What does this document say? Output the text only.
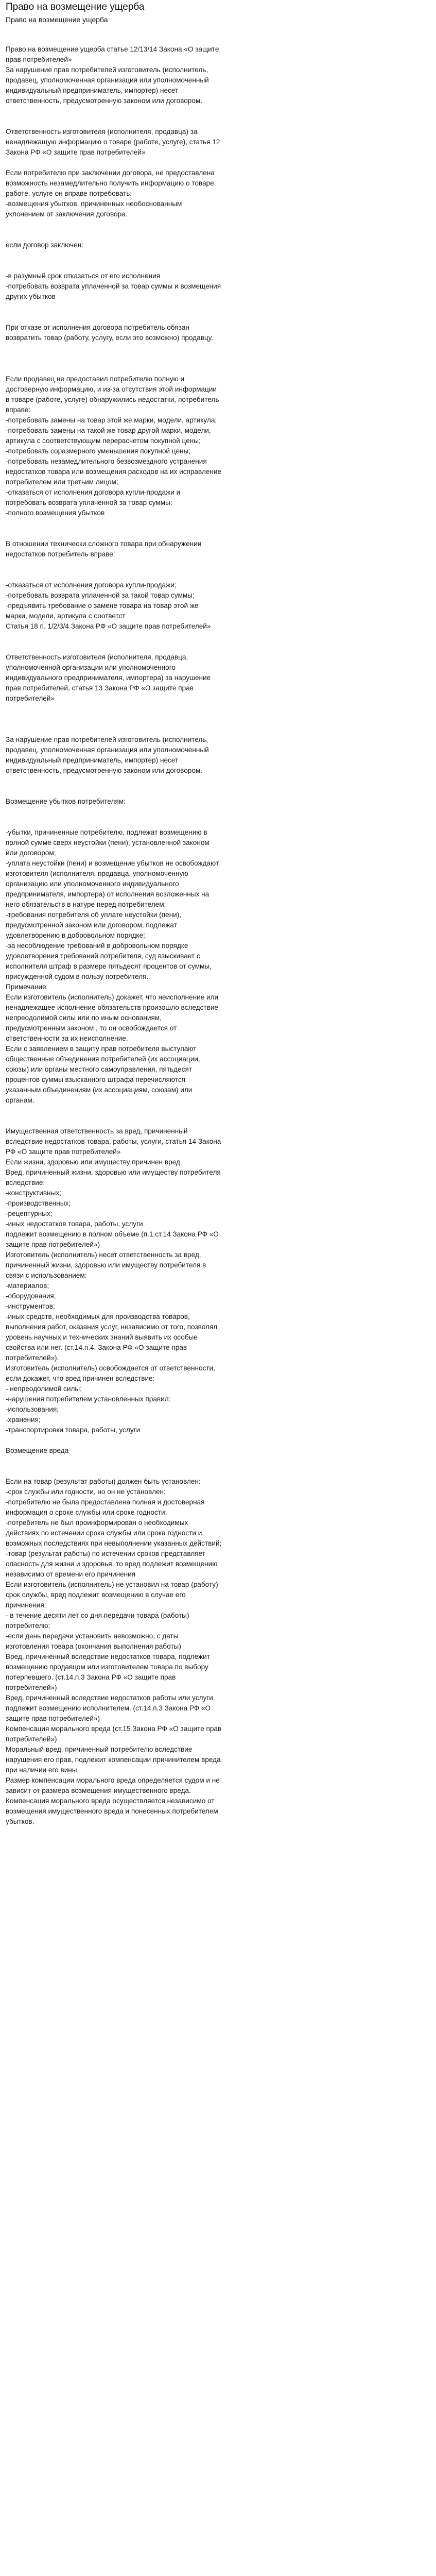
Право на возмещение ущерба
Право на возмещение ущерба
Право на возмещение ущерба статье 12/13/14 Закона «О защите прав потребителей»
За нарушение прав потребителей изготовитель (исполнитель, продавец, уполномоченная организация или уполномоченный индивидуальный предприниматель, импортер) несет ответственность, предусмотренную законом или договором.
Ответственность изготовителя (исполнителя, продавца) за ненадлежащую информацию о товаре (работе, услуге), статья 12 Закона РФ «О защите прав потребителей»
Если потребителю при заключении договора, не предоставлена возможность незамедлительно получить информацию о товаре, работе, услуге он вправе потребовать:
-возмещения убытков, причиненных необоснованным уклонением от заключения договора.
если договор заключен:
-в разумный срок отказаться от его исполнения
-потребовать возврата уплаченной за товар суммы и возмещения других убытков
При отказе от исполнения договора потребитель обязан возвратить товар (работу, услугу, если это возможно) продавцу.
Если продавец не предоставил потребителю полную и достоверную информацию, и из-за отсутствия этой информации в товаре (работе, услуге) обнаружились недостатки, потребитель вправе:
-потребовать замены на товар этой же марки, модели, артикула;
-потребовать замены на такой же товар другой марки, модели, артикула с соответствующим перерасчетом покупной цены;
-потребовать соразмерного уменьшения покупной цены;
-потребовать незамедлительного безвозмездного устранения недостатков товара или возмещения расходов на их исправление потребителем или третьим лицом;
-отказаться от исполнения договора купли-продажи и потребовать возврата уплаченной за товар суммы;
-полного возмещения убытков
В отношении технически сложного товара при обнаружении недостатков потребитель вправе:
-отказаться от исполнения договора купли-продажи;
-потребовать возврата уплаченной за такой товар суммы;
-предъявить требование о замене товара на товар этой же марки, модели, артикула с соответст
Статья 18 п. 1/2/3/4 Закона РФ «О защите прав потребителей»
Ответственность изготовителя (исполнителя, продавца, уполномоченной организации или уполномоченного индивидуального предпринимателя, импортера) за нарушение прав потребителей, статья 13 Закона РФ «О защите прав потребителей»
За нарушение прав потребителей изготовитель (исполнитель, продавец, уполномоченная организация или уполномоченный индивидуальный предприниматель, импортер) несет ответственность, предусмотренную законом или договором.
Возмещение убытков потребителям:
-убытки, причиненные потребителю, подлежат возмещению в полной сумме сверх неустойки (пени), установленной законом или договором;
-уплата неустойки (пени) и возмещение убытков не освобождают изготовителя (исполнителя, продавца, уполномоченную организацию или уполномоченного индивидуального предпринимателя, импортера) от исполнения возложенных на него обязательств в натуре перед потребителем;
-требования потребителя об уплате неустойки (пени), предусмотренной законом или договором, подлежат удовлетворению в добровольном порядке;
-за несоблюдение требований в добровольном порядке удовлетворения требований потребителя, суд взыскивает с исполнителя штраф в размере пятьдесят процентов от суммы, присужденной судом в пользу потребителя.
Примечание
Если изготовитель (исполнитель) докажет, что неисполнение или ненадлежащее исполнение обязательств произошло вследствие непреодолимой силы или по иным основаниям, предусмотренным законом , то он освобождается от ответственности за их неисполнение.
Если с заявлением в защиту прав потребителя выступают общественные объединения потребителей (их ассоциации, союзы) или органы местного самоуправления, пятьдесят процентов суммы взысканного штрафа перечисляются указанным объединениям (их ассоциациям, союзам) или органам.
Имущественная ответственность за вред, причиненный вследствие недостатков товара, работы, услуги, статья 14 Закона РФ «О защите прав потребителей»
Если жизни, здоровью или имуществу причинен вред
Вред, причиненный жизни, здоровью или имуществу потребителя вследствие:
-конструктивных;
-производственных;
-рецептурных;
-иных недостатков товара, работы, услуги
подлежит возмещению в полном объеме (п.1.ст.14 Закона РФ «О защите прав потребителей»)
Изготовитель (исполнитель) несет ответственность за вред, причиненный жизни, здоровью или имуществу потребителя в связи с использованием:
-материалов;
-оборудования;
-инструментов;
-иных средств, необходимых для производства товаров, выполнения работ, оказания услуг, независимо от того, позволял уровень научных и технических знаний выявить их особые свойства или нет. (ст.14.п.4. Закона РФ «О защите прав потребителей»).
Изготовитель (исполнитель) освобождается от ответственности, если докажет, что вред причинен вследствие:
- непреодолимой силы;
-нарушения потребителем установленных правил:
-использования;
-хранения;
-транспортировки товара, работы, услуги
Возмещение вреда
Если на товар (результат работы) должен быть установлен:
-срок службы или годности, но он не установлен;
-потребителю не была предоставлена полная и достоверная информация о сроке службы или сроке годности:
-потребитель не был проинформирован о необходимых действиях по истечении срока службы или срока годности и возможных последствиях при невыполнении указанных действий;
-товар (результат работы) по истечении сроков представляет опасность для жизни и здоровья, то вред подлежит возмещению независимо от времени его причинения
Если изготовитель (исполнитель) не установил на товар (работу) срок службы, вред подлежит возмещению в случае его причинения:
- в течение десяти лет со дня передачи товара (работы) потребителю;
-если день передачи установить невозможно, с даты изготовления товара (окончания выполнения работы)
Вред, причиненный вследствие недостатков товара, подлежит возмещению продавцом или изготовителем товара по выбору потерпевшего. (ст.14.п.3 Закона РФ «О защите прав потребителей»)
Вред, причиненный вследствие недостатков работы или услуги, подлежит возмещению исполнителем. (ст.14.п.3 Закона РФ «О защите прав потребителей»)
Компенсация морального вреда (ст.15 Закона РФ «О защите прав потребителей»)
Моральный вред, причиненный потребителю вследствие нарушения его прав, подлежит компенсации причинителем вреда при наличии его вины.
Размер компенсации морального вреда определяется судом и не зависит от размера возмещения имущественного вреда.
Компенсация морального вреда осуществляется независимо от возмещения имущественного вреда и понесенных потребителем убытков.
